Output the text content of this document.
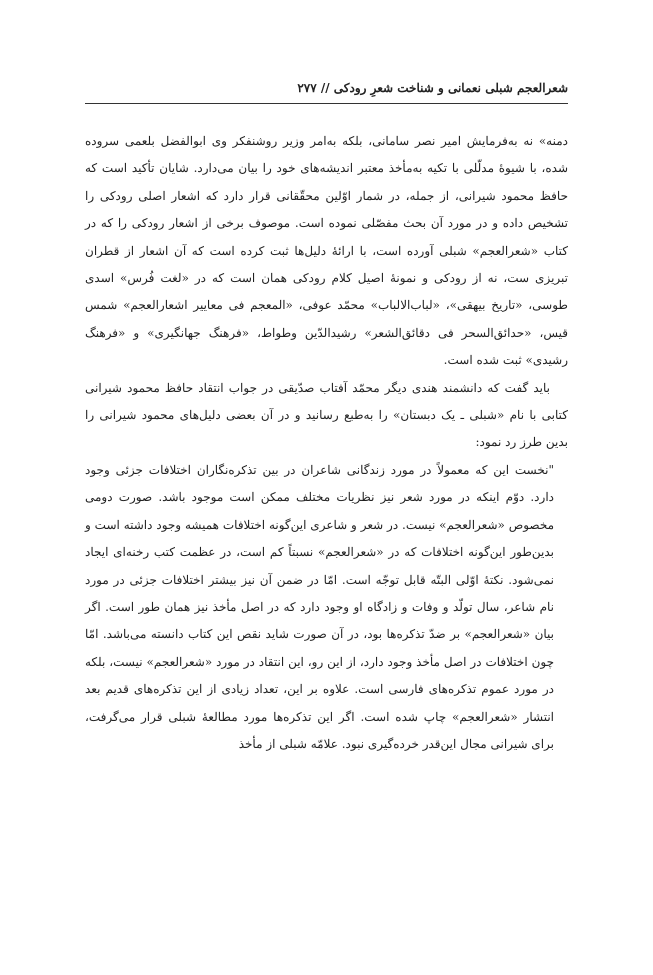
شعرالعجم شبلی نعمانی و شناخت شعرِ رودکی // ۲۷۷

دمنه» نه به‌فرمایش امیر نصر سامانی، بلکه به‌امر وزیر روشنفکر وی ابوالفضل بلعمی سروده شده، با شیوهٔ مدلّلی با تکیه به‌مأخذ معتبر اندیشه‌های خود را بیان می‌دارد. شایان تأکید است که حافظ محمود شیرانی، از جمله، در شمار اوّلین محقّقانی قرار دارد که اشعار اصلی رودکی را تشخیص داده و در مورد آن بحث مفصّلی نموده است. موصوف برخی از اشعار رودکی را که در کتاب «شعرالعجم» شبلی آورده است، با ارائهٔ دلیل‌ها ثبت کرده است که آن اشعار از قطران تبریزی ست، نه از رودکی و نمونهٔ اصیل کلام رودکی همان است که در «لغت فُرس» اسدی طوسی، «تاریخ بیهقی»، «لباب‌الالباب» محمّد عوفی، «المعجم فی معاییر اشعارالعجم» شمس قیس، «حدائق‌السحر فی دقائق‌الشعر» رشیدالدّین وطواط، «فرهنگ جهانگیری» و «فرهنگ رشیدی» ثبت شده است.

باید گفت که دانشمند هندی دیگر محمّد آفتاب صدّیقی در جواب انتقاد حافظ محمود شیرانی کتابی با نام «شبلی ـ یک دبستان» را به‌طبع رسانید و در آن بعضی دلیل‌های محمود شیرانی را بدین طرز رد نمود:

"نخست این که معمولاً در مورد زندگانی شاعران در بین تذکره‌نگاران اختلافات جزئی وجود دارد. دوّم اینکه در مورد شعر نیز نظریات مختلف ممکن است موجود باشد. صورت دومی مخصوص «شعرالعجم» نیست. در شعر و شاعری این‌گونه اختلافات همیشه وجود داشته است و بدین‌طور این‌گونه اختلافات که در «شعرالعجم» نسبتاً کم است، در عظمت کتب رخنه‌ای ایجاد نمی‌شود. نکتهٔ اوّلی البتّه قابل توجّه است. امّا در ضمن آن نیز بیشتر اختلافات جزئی در مورد نام شاعر، سال تولّد و وفات و زادگاه او وجود دارد که در اصل مأخذ نیز همان طور است. اگر بیان «شعرالعجم» بر ضدّ تذکره‌ها بود، در آن صورت شاید نقص این کتاب دانسته می‌باشد. امّا چون اختلافات در اصل مأخذ وجود دارد، از این رو، این انتقاد در مورد «شعرالعجم» نیست، بلکه در مورد عموم تذکره‌های فارسی است. علاوه بر این، تعداد زیادی از این تذکره‌های قدیم بعد انتشار «شعرالعجم» چاپ شده است. اگر این تذکره‌ها مورد مطالعهٔ شبلی قرار می‌گرفت، برای شیرانی مجال این‌قدر خرده‌گیری نبود. علامّه شبلی از مأخذ
